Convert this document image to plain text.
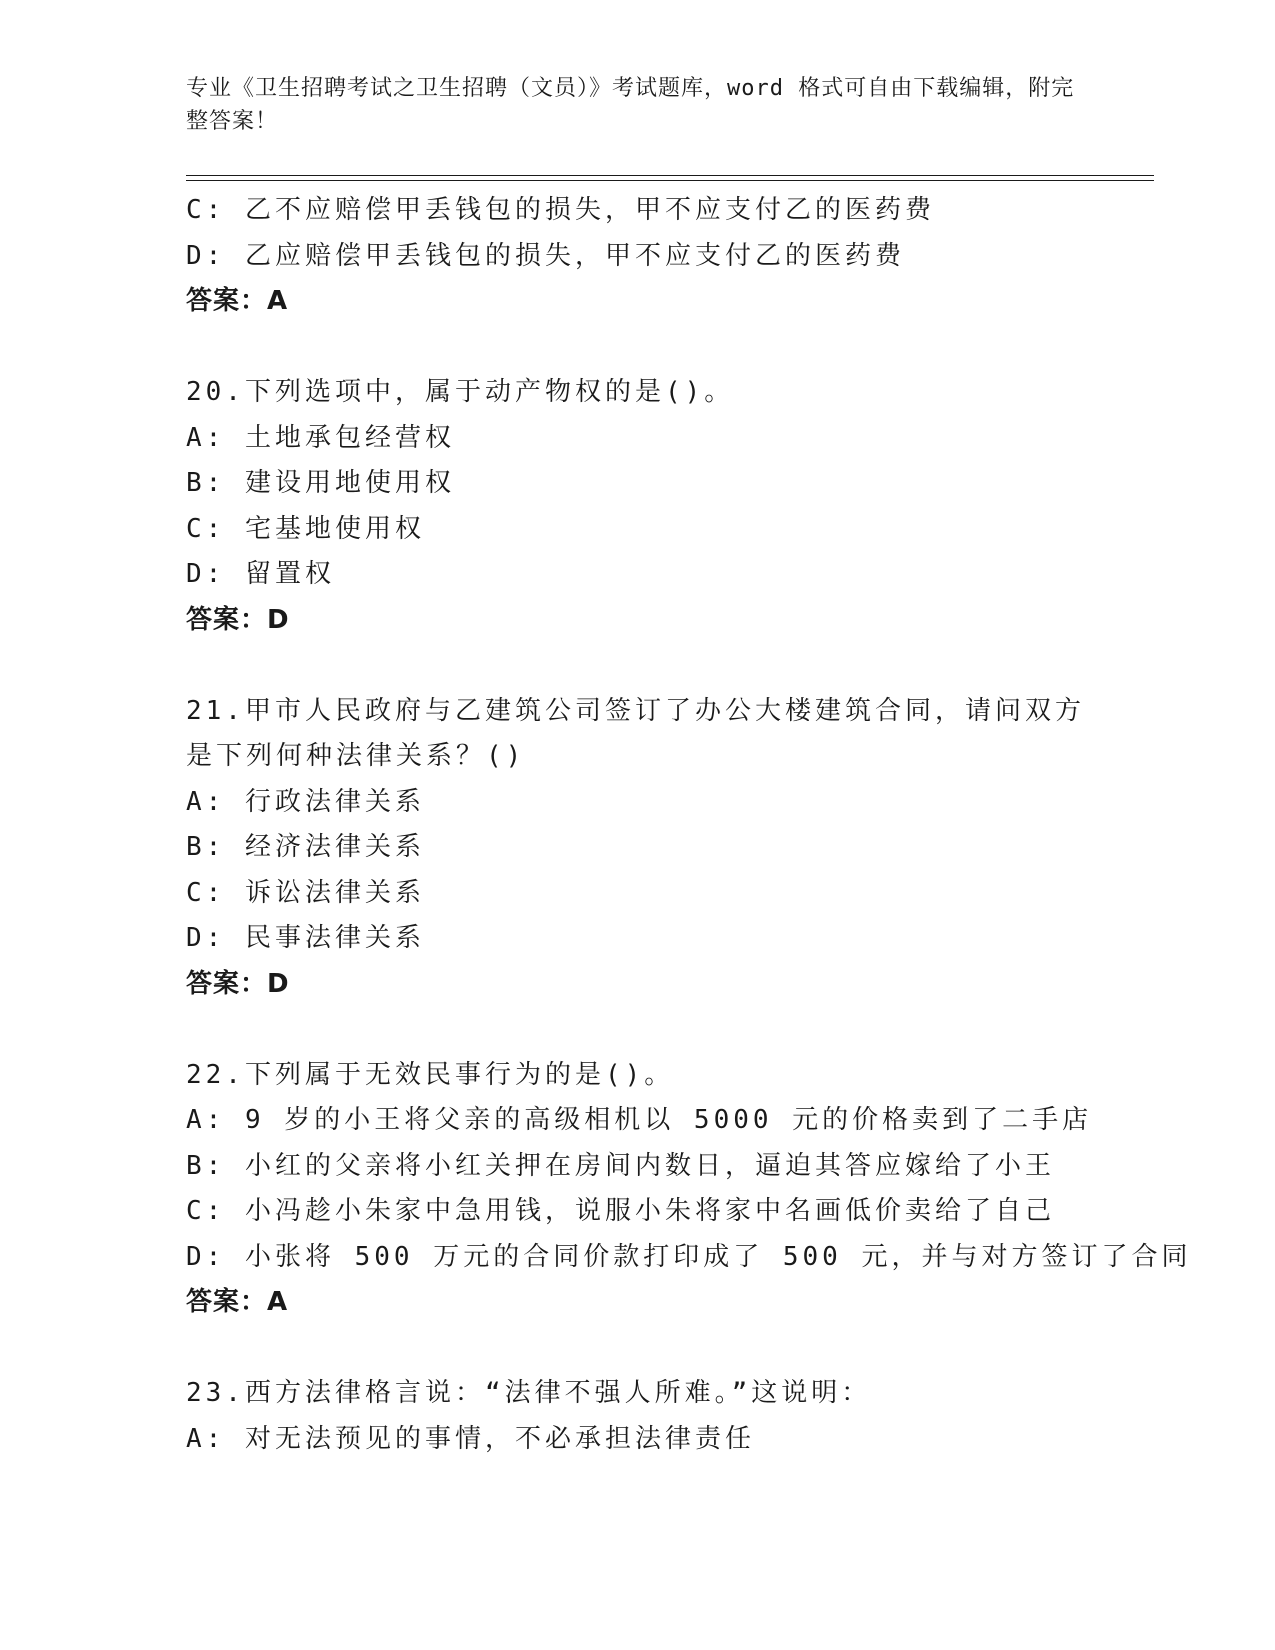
专业《卫生招聘考试之卫生招聘（文员）》考试题库，word 格式可自由下载编辑，附完整答案！
C: 乙不应赔偿甲丢钱包的损失，甲不应支付乙的医药费
D: 乙应赔偿甲丢钱包的损失，甲不应支付乙的医药费
答案：A
20.下列选项中，属于动产物权的是()。
A: 土地承包经营权
B: 建设用地使用权
C: 宅基地使用权
D: 留置权
答案：D
21.甲市人民政府与乙建筑公司签订了办公大楼建筑合同，请问双方是下列何种法律关系？()
A: 行政法律关系
B: 经济法律关系
C: 诉讼法律关系
D: 民事法律关系
答案：D
22.下列属于无效民事行为的是()。
A: 9 岁的小王将父亲的高级相机以 5000 元的价格卖到了二手店
B: 小红的父亲将小红关押在房间内数日，逼迫其答应嫁给了小王
C: 小冯趁小朱家中急用钱，说服小朱将家中名画低价卖给了自己
D: 小张将 500 万元的合同价款打印成了 500 元，并与对方签订了合同
答案：A
23.西方法律格言说：“法律不强人所难。”这说明：
A: 对无法预见的事情，不必承担法律责任
